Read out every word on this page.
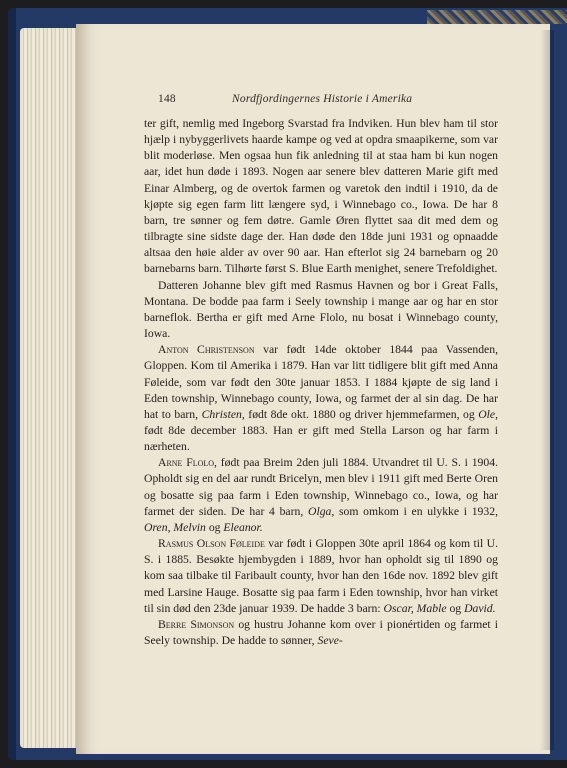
148	Nordfjordingernes Historie i Amerika

ter gift, nemlig med Ingeborg Svarstad fra Indviken. Hun blev ham til stor hjælp i nybyggerlivets haarde kampe og ved at opdra smaapikerne, som var blit moderløse. Men ogsaa hun fik anledning til at staa ham bi kun nogen aar, idet hun døde i 1893. Nogen aar senere blev datteren Marie gift med Einar Almberg, og de overtok farmen og varetok den indtil i 1910, da de kjøpte sig egen farm litt længere syd, i Winnebago co., Iowa. De har 8 barn, tre sønner og fem døtre. Gamle Øren flyttet saa dit med dem og tilbragte sine sidste dage der. Han døde den 18de juni 1931 og opnaadde altsaa den høie alder av over 90 aar. Han efterlot sig 24 barnebarn og 20 barnebarns barn. Tilhørte først S. Blue Earth menighet, senere Trefoldighet.

Datteren Johanne blev gift med Rasmus Havnen og bor i Great Falls, Montana. De bodde paa farm i Seely township i mange aar og har en stor barneflok. Bertha er gift med Arne Flolo, nu bosat i Winnebago county, Iowa.

Anton Christenson var født 14de oktober 1844 paa Vassenden, Gloppen. Kom til Amerika i 1879. Han var litt tidligere blit gift med Anna Føleide, som var født den 30te januar 1853. I 1884 kjøpte de sig land i Eden township, Winnebago county, Iowa, og farmet der al sin dag. De har hat to barn, Christen, født 8de okt. 1880 og driver hjemmefarmen, og Ole, født 8de december 1883. Han er gift med Stella Larson og har farm i nærheten.

Arne Flolo, født paa Breim 2den juli 1884. Utvandret til U. S. i 1904. Opholdt sig en del aar rundt Bricelyn, men blev i 1911 gift med Berte Oren og bosatte sig paa farm i Eden township, Winnebago co., Iowa, og har farmet der siden. De har 4 barn, Olga, som omkom i en ulykke i 1932, Oren, Melvin og Eleanor.

Rasmus Olson Føleide var født i Gloppen 30te april 1864 og kom til U. S. i 1885. Besøkte hjembygden i 1889, hvor han opholdt sig til 1890 og kom saa tilbake til Faribault county, hvor han den 16de nov. 1892 blev gift med Larsine Hauge. Bosatte sig paa farm i Eden township, hvor han virket til sin død den 23de januar 1939. De hadde 3 barn: Oscar, Mable og David.

Berre Simonson og hustru Johanne kom over i pionértiden og farmet i Seely township. De hadde to sønner, Seve-
